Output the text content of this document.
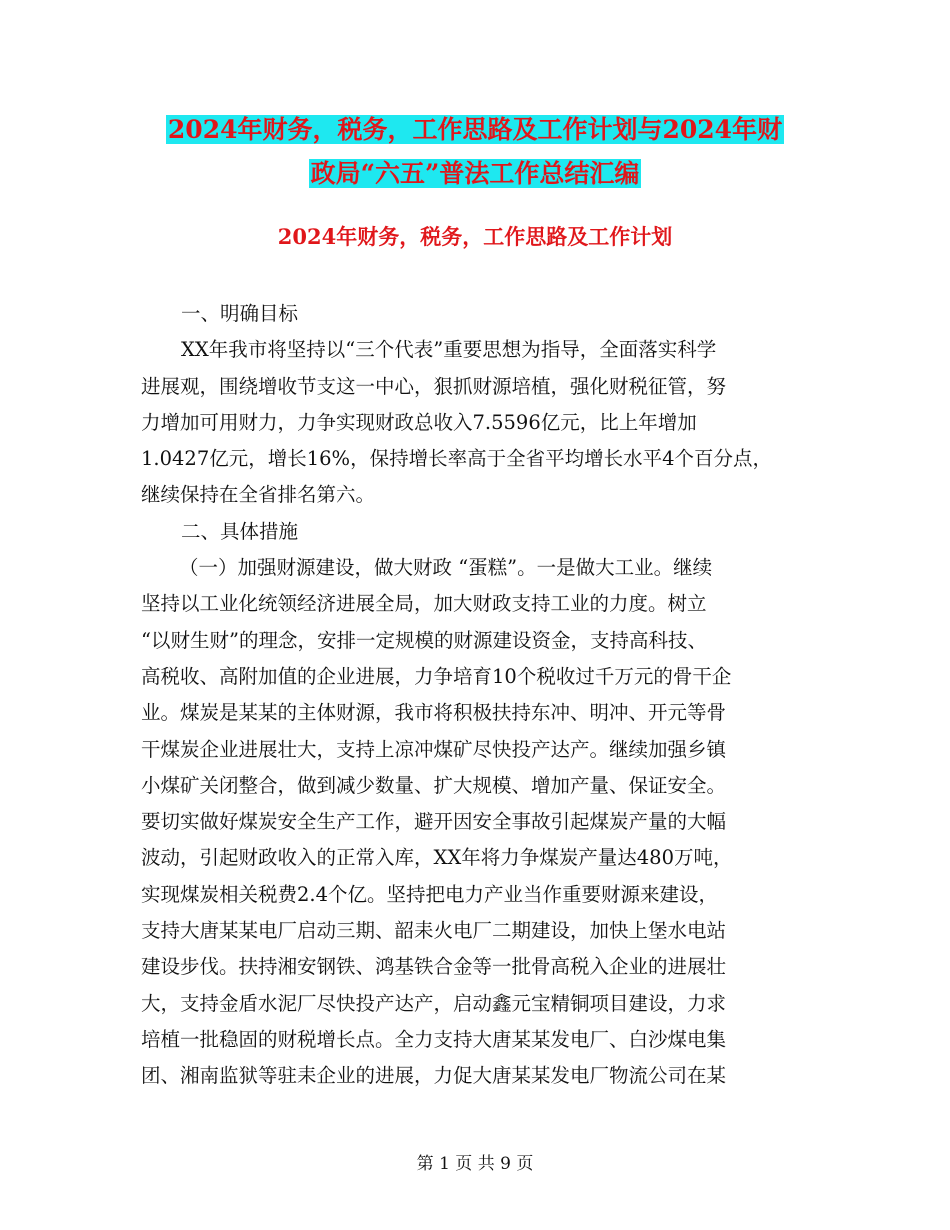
2024年财务，税务，工作思路及工作计划与2024年财
政局“六五”普法工作总结汇编
2024年财务，税务，工作思路及工作计划
一、明确目标
XX年我市将坚持以“三个代表”重要思想为指导，全面落实科学
进展观，围绕增收节支这一中心，狠抓财源培植，强化财税征管，努
力增加可用财力，力争实现财政总收入7.5596亿元，比上年增加
1.0427亿元，增长16%，保持增长率高于全省平均增长水平4个百分点，
继续保持在全省排名第六。
二、具体措施
（一）加强财源建设，做大财政 “蛋糕”。一是做大工业。继续
坚持以工业化统领经济进展全局，加大财政支持工业的力度。树立
“以财生财”的理念，安排一定规模的财源建设资金，支持高科技、
高税收、高附加值的企业进展，力争培育10个税收过千万元的骨干企
业。煤炭是某某的主体财源，我市将积极扶持东冲、明冲、开元等骨
干煤炭企业进展壮大，支持上凉冲煤矿尽快投产达产。继续加强乡镇
小煤矿关闭整合，做到减少数量、扩大规模、增加产量、保证安全。
要切实做好煤炭安全生产工作，避开因安全事故引起煤炭产量的大幅
波动，引起财政收入的正常入库，XX年将力争煤炭产量达480万吨，
实现煤炭相关税费2.4个亿。坚持把电力产业当作重要财源来建设，
支持大唐某某电厂启动三期、韶耒火电厂二期建设，加快上堡水电站
建设步伐。扶持湘安钢铁、鸿基铁合金等一批骨高税入企业的进展壮
大，支持金盾水泥厂尽快投产达产，启动鑫元宝精铜项目建设，力求
培植一批稳固的财税增长点。全力支持大唐某某发电厂、白沙煤电集
团、湘南监狱等驻耒企业的进展，力促大唐某某发电厂物流公司在某
第 1 页 共 9 页
